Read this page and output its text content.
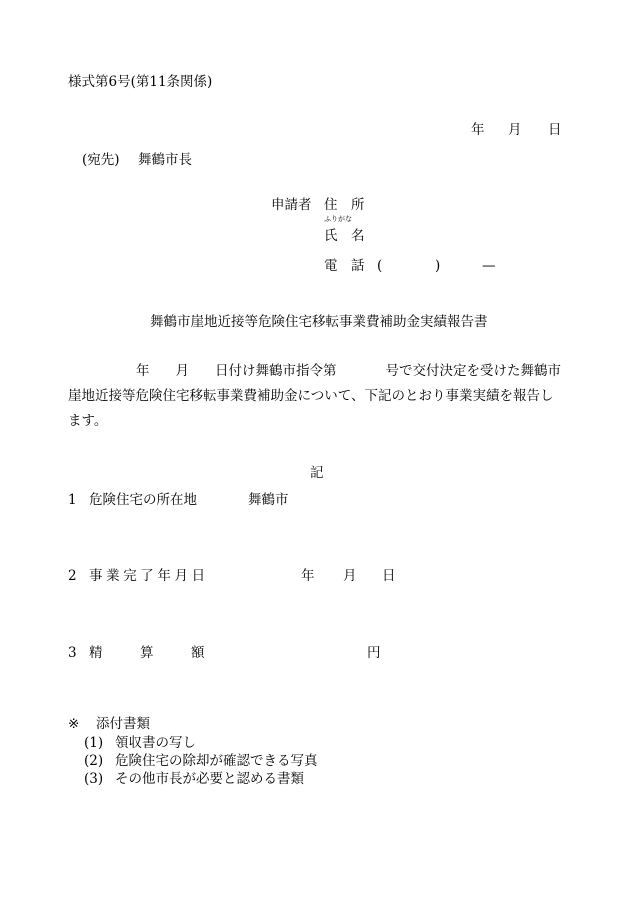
様式第6号(第11条関係)
年 月 日
(宛先) 舞鶴市長
申請者 住　所
ふりがな
氏　名
電　話 (	)	—
舞鶴市崖地近接等危険住宅移転事業費補助金実績報告書
年 月 日付け舞鶴市指令第	号で交付決定を受けた舞鶴市崖地近接等危険住宅移転事業費補助金について、下記のとおり事業実績を報告します。
記
1 危険住宅の所在地	舞鶴市
2 事業完了年月日	年 月 日
3 精　算　額	円
※ 添付書類
(1) 領収書の写し
(2) 危険住宅の除却が確認できる写真
(3) その他市長が必要と認める書類
